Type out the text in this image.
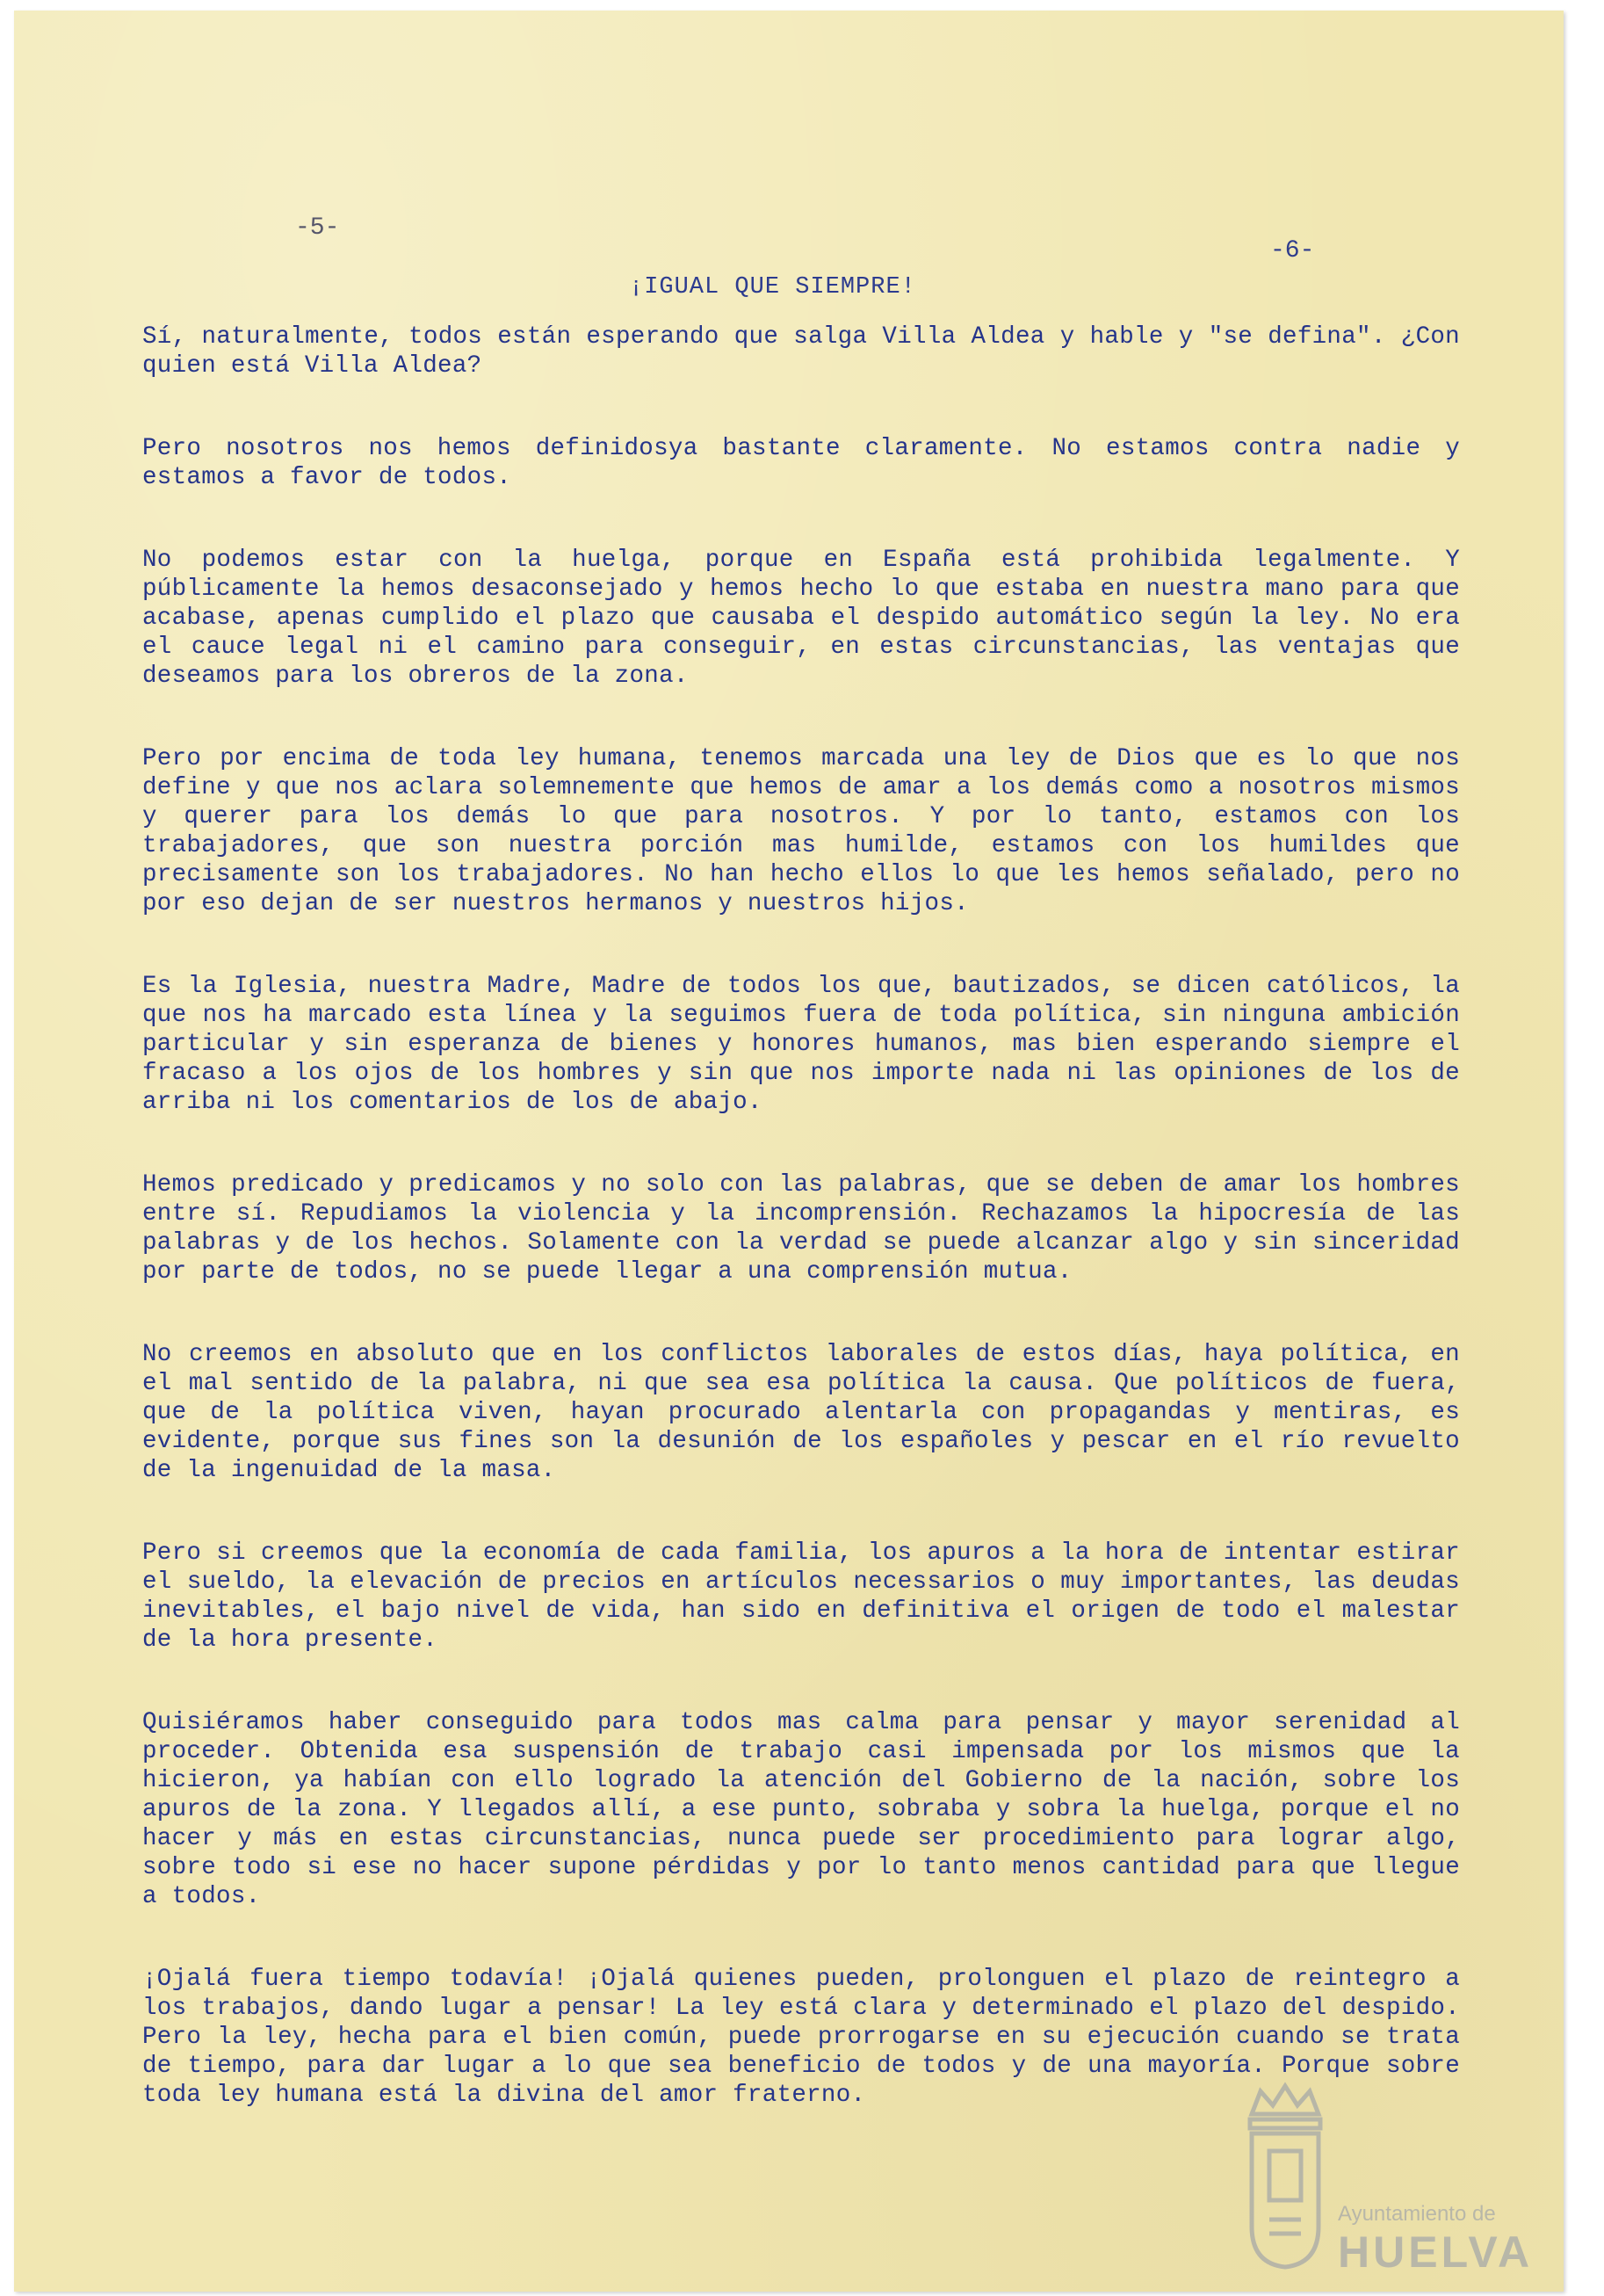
-5-
-6-
¡IGUAL QUE SIEMPRE!

Sí, naturalmente, todos están esperando que salga Villa Aldea y hable y "se defina". ¿Con quien está Villa Aldea?

Pero nosotros nos hemos definidosya bastante claramente. No estamos contra nadie y estamos a favor de todos.

No podemos estar con la huelga, porque en España está prohibida legalmente. Y públicamente la hemos desaconsejado y hemos hecho lo que estaba en nuestra mano para que acabase, apenas cumplido el plazo que causaba el despido automático según la ley. No era el cauce legal ni el camino para conseguir, en estas circunstancias, las ventajas que deseamos para los obreros de la zona.

Pero por encima de toda ley humana, tenemos marcada una ley de Dios que es lo que nos define y que nos aclara solemnemente que hemos de amar a los demás como a nosotros mismos y querer para los demás lo que para nosotros. Y por lo tanto, estamos con los trabajadores, que son nuestra porción mas humilde, estamos con los humildes que precisamente son los trabajadores. No han hecho ellos lo que les hemos señalado, pero no por eso dejan de ser nuestros hermanos y nuestros hijos.

Es la Iglesia, nuestra Madre, Madre de todos los que, bautizados, se dicen católicos, la que nos ha marcado esta línea y la seguimos fuera de toda política, sin ninguna ambición particular y sin esperanza de bienes y honores humanos, mas bien esperando siempre el fracaso a los ojos de los hombres y sin que nos importe nada ni las opiniones de los de arriba ni los comentarios de los de abajo.

Hemos predicado y predicamos y no solo con las palabras, que se deben de amar los hombres entre sí. Repudiamos la violencia y la incomprensión. Rechazamos la hipocresía de las palabras y de los hechos. Solamente con la verdad se puede alcanzar algo y sin sinceridad por parte de todos, no se puede llegar a una comprensión mutua.

No creemos en absoluto que en los conflictos laborales de estos días, haya política, en el mal sentido de la palabra, ni que sea esa política la causa. Que políticos de fuera, que de la política viven, hayan procurado alentarla con propagandas y mentiras, es evidente, porque sus fines son la desunión de los españoles y pescar en el río revuelto de la ingenuidad de la masa.

Pero si creemos que la economía de cada familia, los apuros a la hora de intentar estirar el sueldo, la elevación de precios en artículos necessarios o muy importantes, las deudas inevitables, el bajo nivel de vida, han sido en definitiva el origen de todo el malestar de la hora presente.

Quisiéramos haber conseguido para todos mas calma para pensar y mayor serenidad al proceder. Obtenida esa suspensión de trabajo casi impensada por los mismos que la hicieron, ya habían con ello logrado la atención del Gobierno de la nación, sobre los apuros de la zona. Y llegados allí, a ese punto, sobraba y sobra la huelga, porque el no hacer y más en estas circunstancias, nunca puede ser procedimiento para lograr algo, sobre todo si ese no hacer supone pérdidas y por lo tanto menos cantidad para que llegue a todos.

¡Ojalá fuera tiempo todavía! ¡Ojalá quienes pueden, prolonguen el plazo de reintegro a los trabajos, dando lugar a pensar! La ley está clara y determinado el plazo del despido. Pero la ley, hecha para el bien común, puede prorrogarse en su ejecución cuando se trata de tiempo, para dar lugar a lo que sea beneficio de todos y de una mayoría. Porque sobre toda ley humana está la divina del amor fraterno.

Ayuntamiento de
HUELVA
